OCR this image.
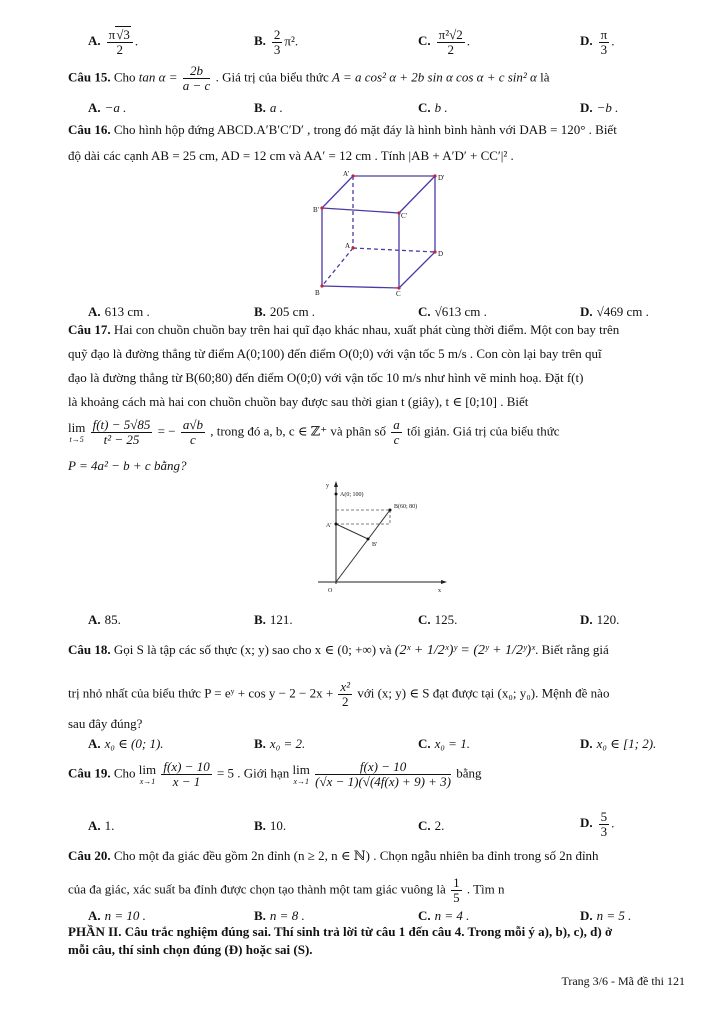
A. $\frac{\pi√3}{2}$ .	B. $\frac{2}{3} \pi^2$.	C. $\frac{\text{π²√2}}{2}$ .	D. $\frac{\pi}{3}$ .
Câu 15. Cho $\tan \alpha = \frac{2b}{a - c}$ . Giá trị của biểu thức A = a cos² α + 2b sin α cos α + c sin² α là
A. −a .	B. a .	C. b .	D. −b .
Câu 16. Cho hình hộp đứng ABCD.A′B′C′D′ , trong đó mặt đáy là hình bình hành với DAB = 120° . Biết
độ dài các cạnh AB = 25 cm, AD = 12 cm và AA′ = 12 cm . Tính |AB + A′D′ + CC′|² .
A'	D'
B'
C'
A
D
B	C
A. 613 cm .	B. 205 cm .	C. √613 cm .	D. √469 cm .
Câu 17. Hai con chuồn chuồn bay trên hai quĩ đạo khác nhau, xuất phát cùng thời điểm. Một con bay trên
quỹ đạo là đường thẳng từ điểm A(0;100) đến điểm O(0;0) với vận tốc 5 m/s . Con còn lại bay trên quĩ
đạo là đường thẳng từ B(60;80) đến điểm O(0;0) với vận tốc 10 m/s như hình vẽ minh hoạ. Đặt f(t)
là khoảng cách mà hai con chuồn chuồn bay được sau thời gian t (giây), t ∈ [0;10] . Biết
lim
t→5
$\frac{f(t) - 5√85}{\text{t² − 25}}$ = − $\frac{a√b}{c}$ , trong đó a, b, c ∈ ℤ⁺ và phân số $\frac{a}{c}$ tối giản. Giá trị của biểu thức
P = 4a² − b + c bằng?
y
x
O
A(0; 100)
B(60; 80)
A'
B'
A. 85.	B. 121.	C. 125.	D. 120.
Câu 18. Gọi S là tập các số thực (x; y) sao cho x ∈ (0; +∞) và (2ˣ + 1/2ˣ)ʸ = (2ʸ + 1/2ʸ)ˣ. Biết rằng giá
trị nhỏ nhất của biểu thức P = eʸ + $\cos y - 2 - 2x + \frac{\text{x²}}{2}$ với (x; y) ∈ S đạt được tại (x₀; y₀). Mệnh đề nào
sau đây đúng?
A. x₀ ∈ (0; 1).	B. x₀ = 2.	C. x₀ = 1.	D. x₀ ∈ [1; 2).
Câu 19. Cho lim
x→1
$\frac{f(x) - 10}{x - 1} = 5$ . Giới hạn lim
x→1
$\frac{f(x) - 10}{(√x - 1)(√(4f(x) + 9) + 3)}$ bằng
A. 1.	B. 10.	C. 2.	D. $\frac{5}{3}$ .
Câu 20. Cho một đa giác đều gồm 2n đỉnh (n ≥ 2, n ∈ ℕ) . Chọn ngẫu nhiên ba đỉnh trong số 2n đỉnh
của đa giác, xác suất ba đỉnh được chọn tạo thành một tam giác vuông là $\frac{1}{5}$ . Tìm n
A. n = 10 .	B. n = 8 .	C. n = 4 .	D. n = 5 .
PHẦN II. Câu trắc nghiệm đúng sai. Thí sinh trả lời từ câu 1 đến câu 4. Trong mỗi ý a), b), c), d) ở
mỗi câu, thí sinh chọn đúng (Đ) hoặc sai (S).
Trang 3/6 - Mã đề thi 121
